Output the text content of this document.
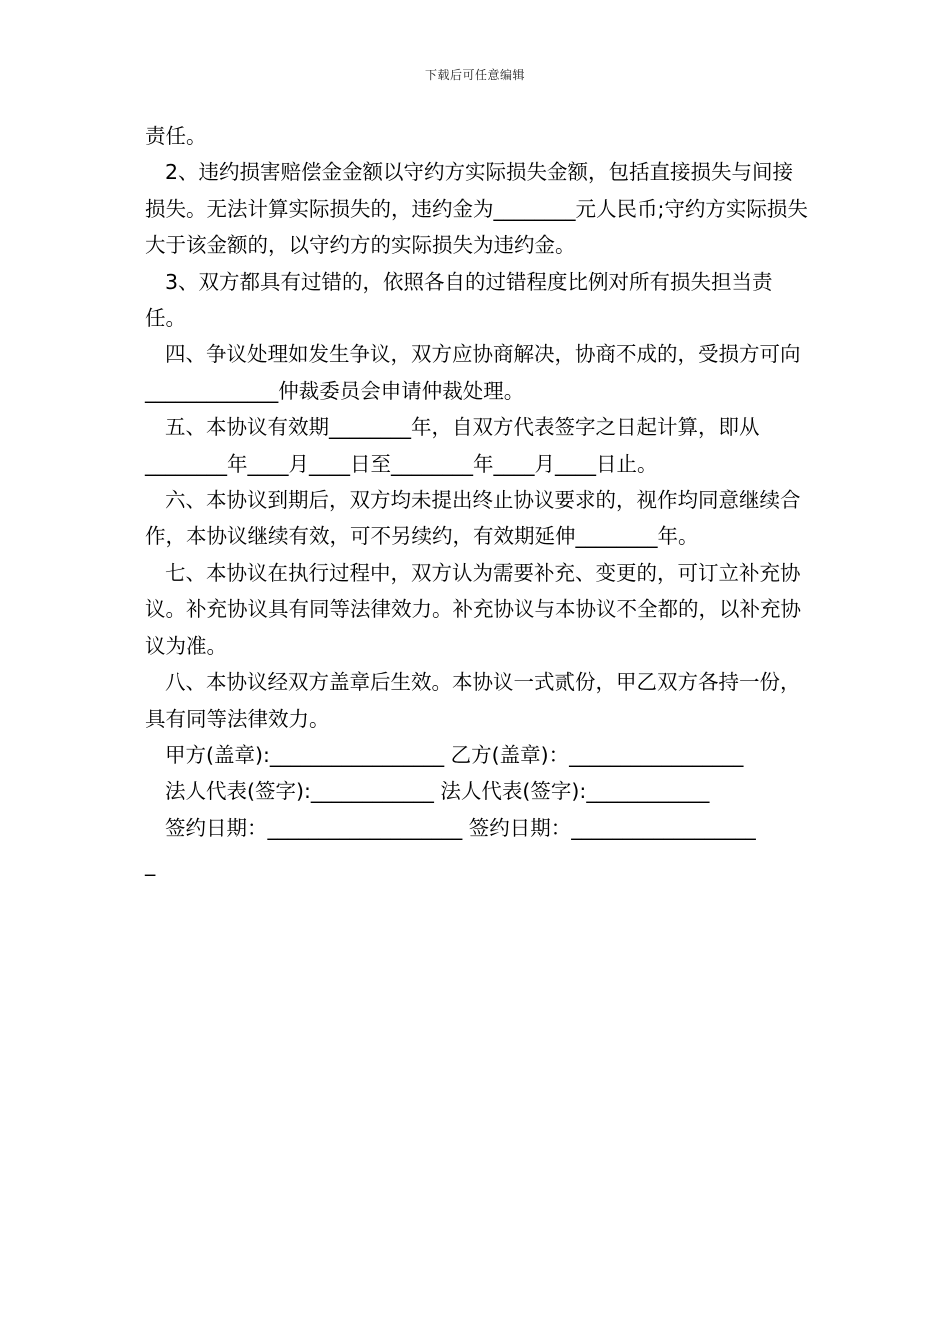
下载后可任意编辑

责任。

2、违约损害赔偿金金额以守约方实际损失金额，包括直接损失与间接损失。无法计算实际损失的，违约金为________元人民币;守约方实际损失大于该金额的，以守约方的实际损失为违约金。

3、双方都具有过错的，依照各自的过错程度比例对所有损失担当责任。

四、争议处理如发生争议，双方应协商解决，协商不成的，受损方可向_____________仲裁委员会申请仲裁处理。

五、本协议有效期________年，自双方代表签字之日起计算，即从________年____月____日至________年____月____日止。

六、本协议到期后，双方均未提出终止协议要求的，视作均同意继续合作，本协议继续有效，可不另续约，有效期延伸________年。

七、本协议在执行过程中，双方认为需要补充、变更的，可订立补充协议。补充协议具有同等法律效力。补充协议与本协议不全都的，以补充协议为准。

八、本协议经双方盖章后生效。本协议一式贰份，甲乙双方各持一份，具有同等法律效力。

甲方(盖章):_________________ 乙方(盖章)：_________________

法人代表(签字):____________ 法人代表(签字):____________

签约日期：___________________ 签约日期：__________________

_
